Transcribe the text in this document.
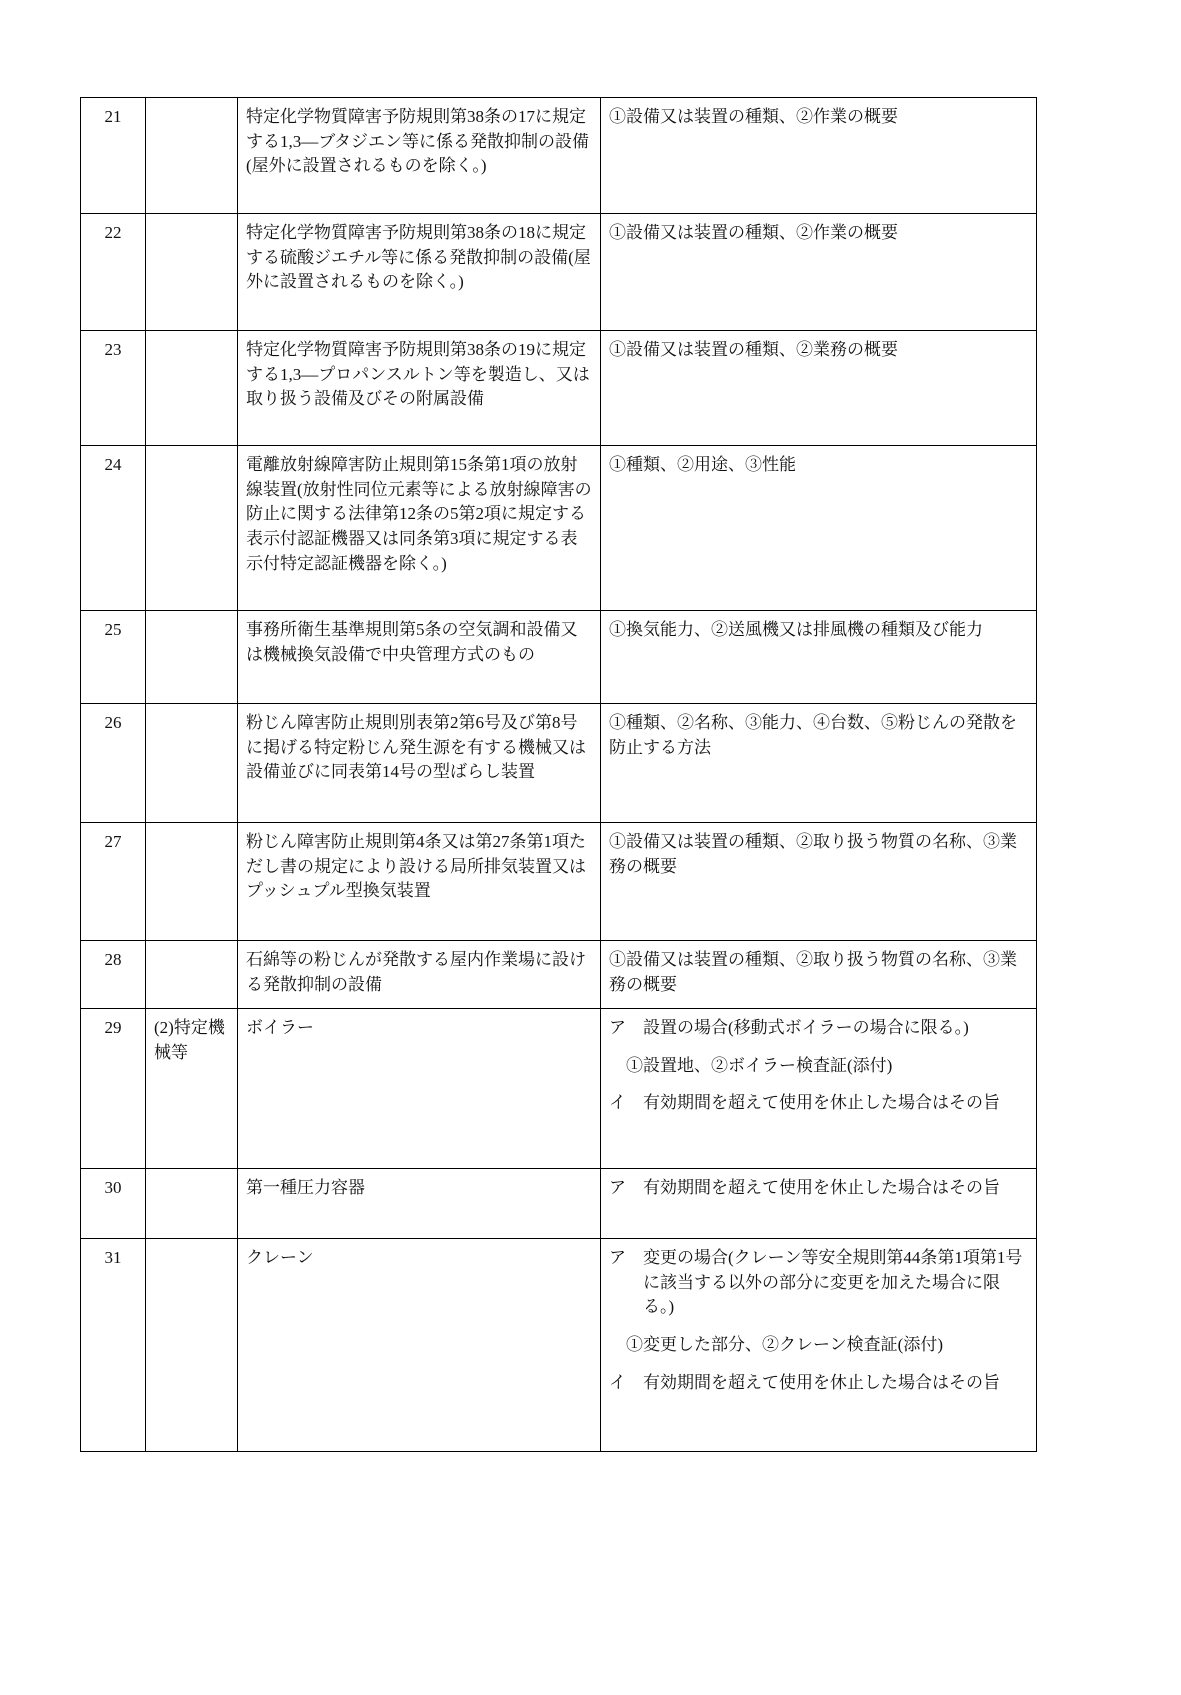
21		特定化学物質障害予防規則第38条の17に規定する1,3―ブタジエン等に係る発散抑制の設備(屋外に設置されるものを除く。)	①設備又は装置の種類、②作業の概要

22		特定化学物質障害予防規則第38条の18に規定する硫酸ジエチル等に係る発散抑制の設備(屋外に設置されるものを除く。)	①設備又は装置の種類、②作業の概要

23		特定化学物質障害予防規則第38条の19に規定する1,3―プロパンスルトン等を製造し、又は取り扱う設備及びその附属設備	①設備又は装置の種類、②業務の概要

24		電離放射線障害防止規則第15条第1項の放射線装置(放射性同位元素等による放射線障害の防止に関する法律第12条の5第2項に規定する表示付認証機器又は同条第3項に規定する表示付特定認証機器を除く。)	①種類、②用途、③性能

25		事務所衛生基準規則第5条の空気調和設備又は機械換気設備で中央管理方式のもの	①換気能力、②送風機又は排風機の種類及び能力

26		粉じん障害防止規則別表第2第6号及び第8号に掲げる特定粉じん発生源を有する機械又は設備並びに同表第14号の型ばらし装置	①種類、②名称、③能力、④台数、⑤粉じんの発散を防止する方法

27		粉じん障害防止規則第4条又は第27条第1項ただし書の規定により設ける局所排気装置又はプッシュプル型換気装置	①設備又は装置の種類、②取り扱う物質の名称、③業務の概要

28		石綿等の粉じんが発散する屋内作業場に設ける発散抑制の設備	①設備又は装置の種類、②取り扱う物質の名称、③業務の概要

29	(2)特定機械等	ボイラー	ア　設置の場合(移動式ボイラーの場合に限る。)

①設置地、②ボイラー検査証(添付)

イ　有効期間を超えて使用を休止した場合はその旨

30		第一種圧力容器	ア　有効期間を超えて使用を休止した場合はその旨

31		クレーン	ア　変更の場合(クレーン等安全規則第44条第1項第1号に該当する以外の部分に変更を加えた場合に限る。)

①変更した部分、②クレーン検査証(添付)

イ　有効期間を超えて使用を休止した場合はその旨
